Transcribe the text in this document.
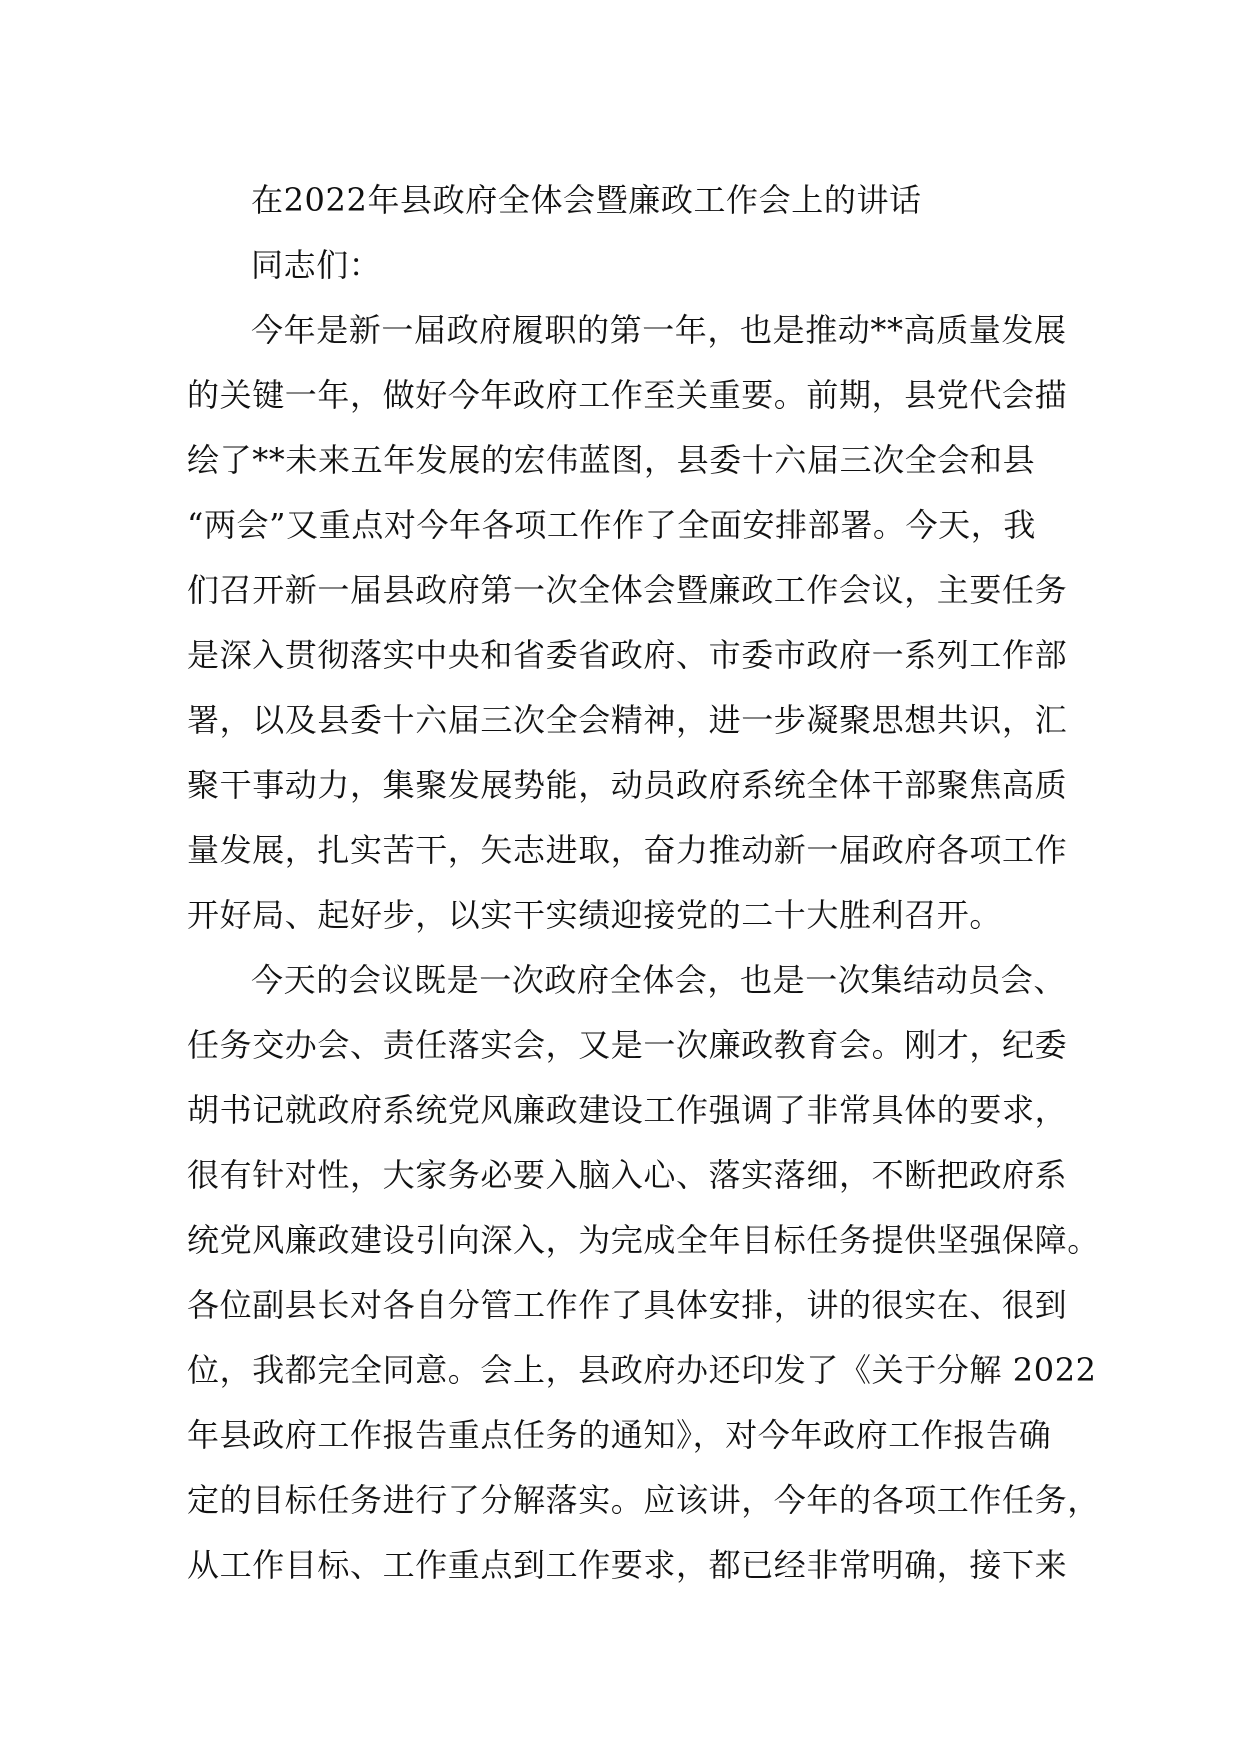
在2022年县政府全体会暨廉政工作会上的讲话
同志们：
今年是新一届政府履职的第一年，也是推动**高质量发展
的关键一年，做好今年政府工作至关重要。前期，县党代会描
绘了**未来五年发展的宏伟蓝图，县委十六届三次全会和县
“两会”又重点对今年各项工作作了全面安排部署。今天，我
们召开新一届县政府第一次全体会暨廉政工作会议，主要任务
是深入贯彻落实中央和省委省政府、市委市政府一系列工作部
署，以及县委十六届三次全会精神，进一步凝聚思想共识，汇
聚干事动力，集聚发展势能，动员政府系统全体干部聚焦高质
量发展，扎实苦干，矢志进取，奋力推动新一届政府各项工作
开好局、起好步，以实干实绩迎接党的二十大胜利召开。
今天的会议既是一次政府全体会，也是一次集结动员会、
任务交办会、责任落实会，又是一次廉政教育会。刚才，纪委
胡书记就政府系统党风廉政建设工作强调了非常具体的要求，
很有针对性，大家务必要入脑入心、落实落细，不断把政府系
统党风廉政建设引向深入，为完成全年目标任务提供坚强保障。
各位副县长对各自分管工作作了具体安排，讲的很实在、很到
位，我都完全同意。会上，县政府办还印发了《关于分解 2022
年县政府工作报告重点任务的通知》，对今年政府工作报告确
定的目标任务进行了分解落实。应该讲，今年的各项工作任务，
从工作目标、工作重点到工作要求，都已经非常明确，接下来
